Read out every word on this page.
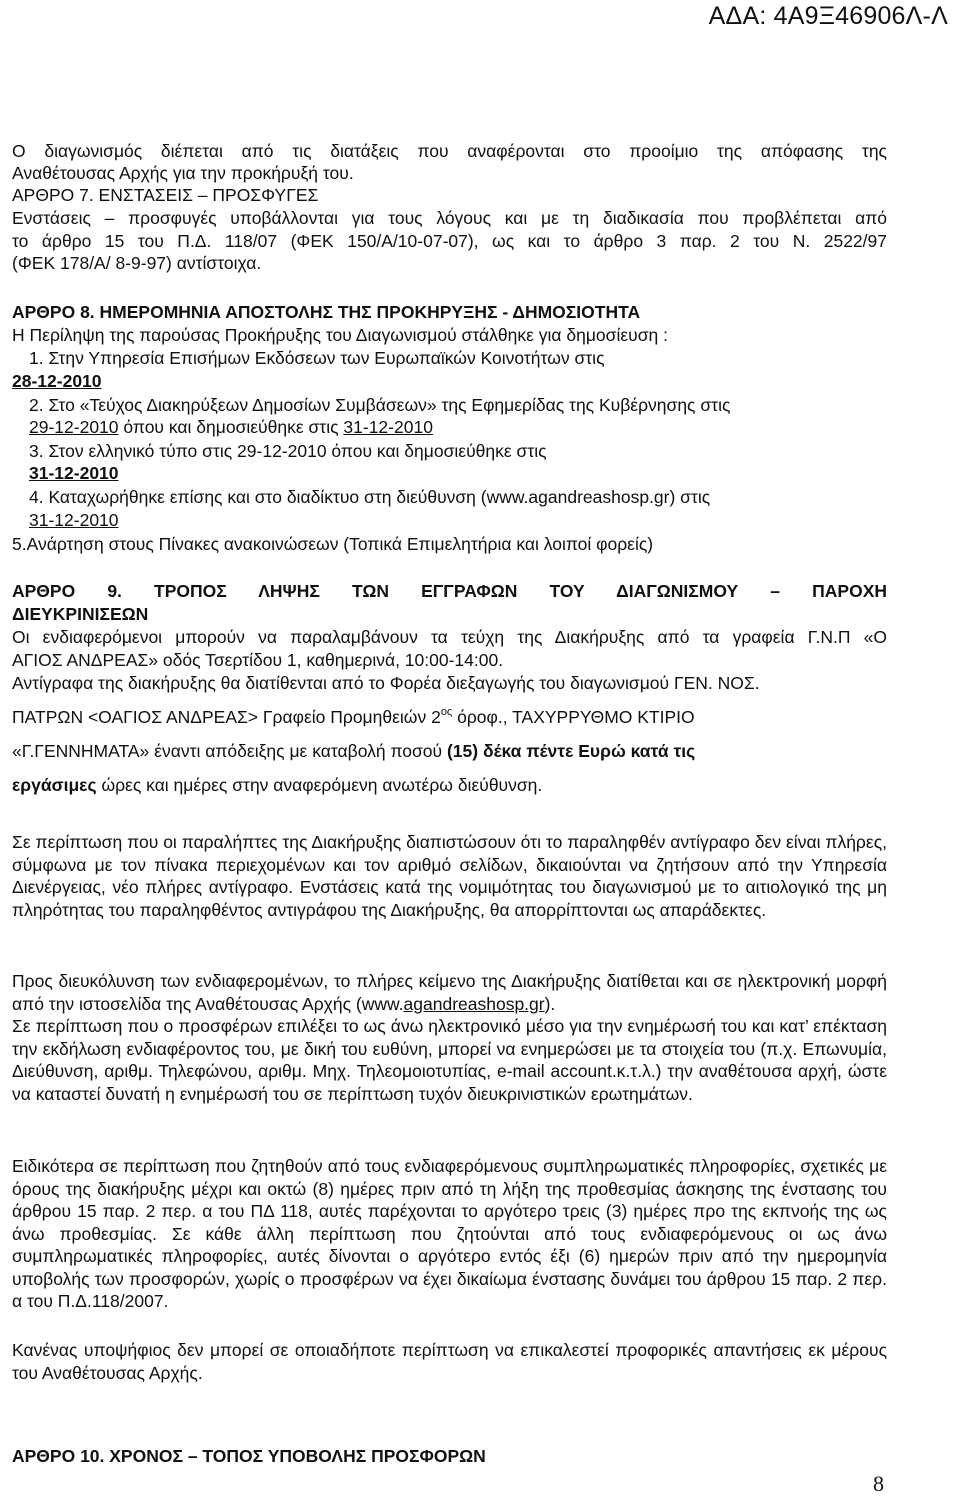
ΑΔΑ: 4Α9Ξ46906Λ-Λ
Ο διαγωνισμός διέπεται από τις διατάξεις που αναφέρονται στο προοίμιο της απόφασης της
Αναθέτουσας Αρχής για την προκήρυξή του.
ΑΡΘΡΟ 7. ΕΝΣΤΑΣΕΙΣ – ΠΡΟΣΦΥΓΕΣ
Ενστάσεις – προσφυγές υποβάλλονται για τους λόγους και με τη διαδικασία που προβλέπεται από
το άρθρο 15 του Π.Δ. 118/07 (ΦΕΚ 150/Α/10-07-07), ως και το άρθρο 3 παρ. 2 του Ν. 2522/97
(ΦΕΚ 178/Α/ 8-9-97) αντίστοιχα.
ΑΡΘΡΟ 8. ΗΜΕΡΟΜΗΝΙΑ ΑΠΟΣΤΟΛΗΣ ΤΗΣ ΠΡΟΚΗΡΥΞΗΣ - ΔΗΜΟΣΙΟΤΗΤΑ
Η Περίληψη της παρούσας Προκήρυξης του Διαγωνισμού στάλθηκε για δημοσίευση :
1. Στην Υπηρεσία Επισήμων Εκδόσεων των Ευρωπαϊκών Κοινοτήτων στις
28-12-2010
2. Στο «Τεύχος Διακηρύξεων Δημοσίων Συμβάσεων» της Εφημερίδας της Κυβέρνησης στις
29-12-2010 όπου και δημοσιεύθηκε στις 31-12-2010
3. Στον ελληνικό τύπο στις 29-12-2010 όπου και δημοσιεύθηκε στις
31-12-2010
4. Καταχωρήθηκε επίσης και στο διαδίκτυο στη διεύθυνση (www.agandreashosp.gr) στις
31-12-2010
5.Ανάρτηση στους Πίνακες ανακοινώσεων (Τοπικά Επιμελητήρια και λοιποί φορείς)
ΑΡΘΡΟ 9. ΤΡΟΠΟΣ ΛΗΨΗΣ ΤΩΝ ΕΓΓΡΑΦΩΝ ΤΟΥ ΔΙΑΓΩΝΙΣΜΟΥ – ΠΑΡΟΧΗ
ΔΙΕΥΚΡΙΝΙΣΕΩΝ
Οι ενδιαφερόμενοι μπορούν να παραλαμβάνουν τα τεύχη της Διακήρυξης από τα γραφεία Γ.Ν.Π «Ο
ΑΓΙΟΣ ΑΝΔΡΕΑΣ» οδός Τσερτίδου 1, καθημερινά, 10:00-14:00.
Αντίγραφα της διακήρυξης θα διατίθενται από το Φορέα διεξαγωγής του διαγωνισμού ΓΕΝ. ΝΟΣ.
ΠΑΤΡΩΝ <ΟΑΓΙΟΣ ΑΝΔΡΕΑΣ> Γραφείο Προμηθειών $2^{o\varsigma}$ όροφ., ΤΑΧΥΡΡΥΘΜΟ ΚΤΙΡΙΟ
«Γ.ΓΕΝΝΗΜΑΤΑ» έναντι απόδειξης με καταβολή ποσού (15) δέκα πέντε Ευρώ κατά τις
εργάσιμες ώρες και ημέρες στην αναφερόμενη ανωτέρω διεύθυνση.
Σε περίπτωση που οι παραλήπτες της Διακήρυξης διαπιστώσουν ότι το παραληφθέν αντίγραφο δεν είναι πλήρες, σύμφωνα με τον πίνακα περιεχομένων και τον αριθμό σελίδων, δικαιούνται να ζητήσουν από την Υπηρεσία Διενέργειας, νέο πλήρες αντίγραφο. Ενστάσεις κατά της νομιμότητας του διαγωνισμού με το αιτιολογικό της μη πληρότητας του παραληφθέντος αντιγράφου της Διακήρυξης, θα απορρίπτονται ως απαράδεκτες.
Προς διευκόλυνση των ενδιαφερομένων, το πλήρες κείμενο της Διακήρυξης διατίθεται και σε ηλεκτρονική μορφή από την ιστοσελίδα της Αναθέτουσας Αρχής (www.agandreashosp.gr).
Σε περίπτωση που ο προσφέρων επιλέξει το ως άνω ηλεκτρονικό μέσο για την ενημέρωσή του και κατ’ επέκταση την εκδήλωση ενδιαφέροντος του, με δική του ευθύνη, μπορεί να ενημερώσει με τα στοιχεία του (π.χ. Επωνυμία, Διεύθυνση, αριθμ. Τηλεφώνου, αριθμ. Μηχ. Τηλεομοιοτυπίας, e-mail account.κ.τ.λ.) την αναθέτουσα αρχή, ώστε να καταστεί δυνατή η ενημέρωσή του σε περίπτωση τυχόν διευκρινιστικών ερωτημάτων.
Ειδικότερα σε περίπτωση που ζητηθούν από τους ενδιαφερόμενους συμπληρωματικές πληροφορίες, σχετικές με όρους της διακήρυξης μέχρι και οκτώ (8) ημέρες πριν από τη λήξη της προθεσμίας άσκησης της ένστασης του άρθρου 15 παρ. 2 περ. α του ΠΔ 118, αυτές παρέχονται το αργότερο τρεις (3) ημέρες προ της εκπνοής της ως άνω προθεσμίας. Σε κάθε άλλη περίπτωση που ζητούνται από τους ενδιαφερόμενους οι ως άνω συμπληρωματικές πληροφορίες, αυτές δίνονται ο αργότερο εντός έξι (6) ημερών πριν από την ημερομηνία υποβολής των προσφορών, χωρίς ο προσφέρων να έχει δικαίωμα ένστασης δυνάμει του άρθρου 15 παρ. 2 περ. α του Π.Δ.118/2007.
Κανένας υποψήφιος δεν μπορεί σε οποιαδήποτε περίπτωση να επικαλεστεί προφορικές απαντήσεις εκ μέρους του Αναθέτουσας Αρχής.
ΑΡΘΡΟ 10. ΧΡΟΝΟΣ – ΤΟΠΟΣ ΥΠΟΒΟΛΗΣ ΠΡΟΣΦΟΡΩΝ
8
